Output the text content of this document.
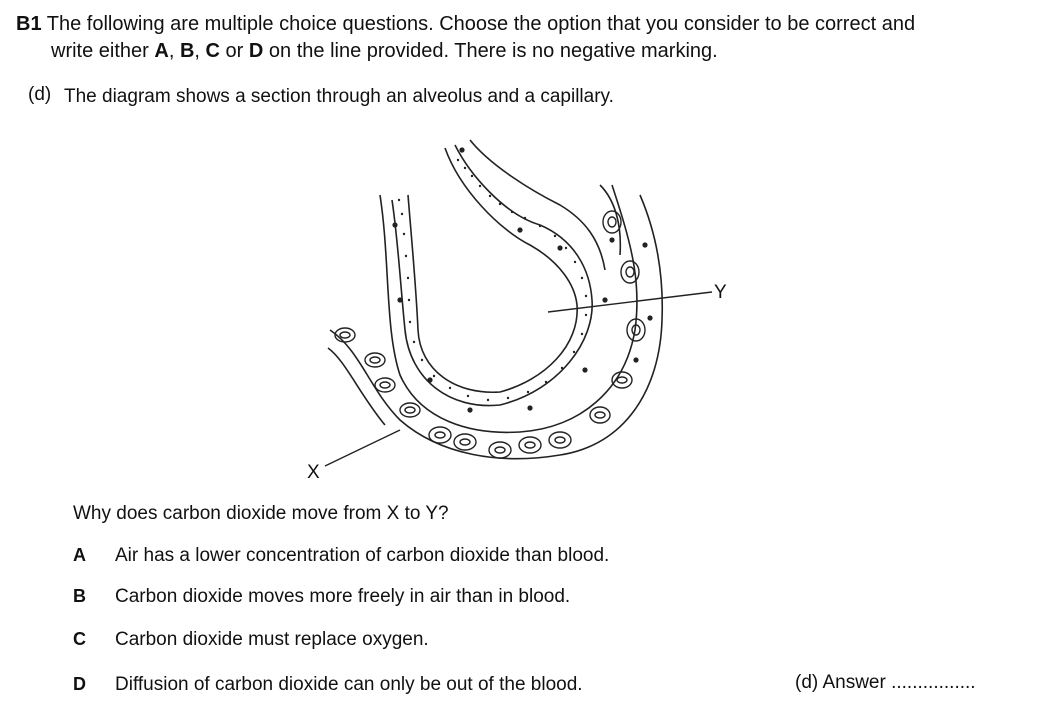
B1 The following are multiple choice questions. Choose the option that you consider to be correct and
write either A, B, C or D on the line provided. There is no negative marking.
(d) The diagram shows a section through an alveolus and a capillary.
X
Y
Why does carbon dioxide move from X to Y?
A Air has a lower concentration of carbon dioxide than blood.
B Carbon dioxide moves more freely in air than in blood.
C Carbon dioxide must replace oxygen.
D Diffusion of carbon dioxide can only be out of the blood.	(d) Answer ................
